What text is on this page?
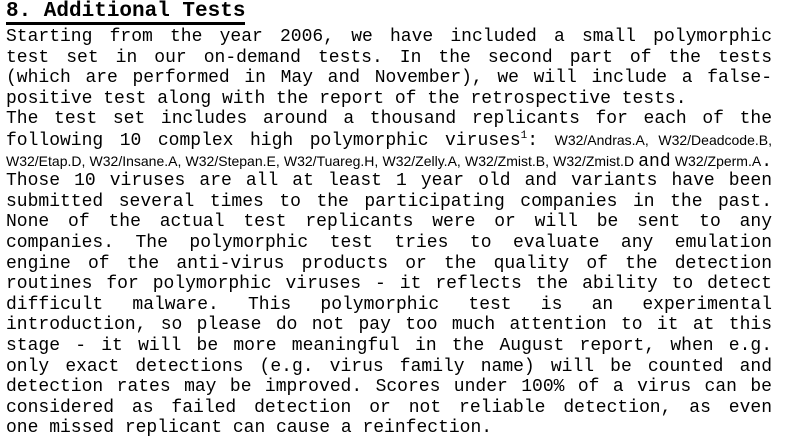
8. Additional Tests
Starting from the year 2006, we have included a small polymorphic
test set in our on-demand tests. In the second part of the tests
(which are performed in May and November), we will include a false-
positive test along with the report of the retrospective tests.
The test set includes around a thousand replicants for each of the
following 10 complex high polymorphic viruses$^1$: W32/Andras.A, W32/Deadcode.B,
W32/Etap.D, W32/Insane.A, W32/Stepan.E, W32/Tuareg.H, W32/Zelly.A, W32/Zmist.B, W32/Zmist.D and W32/Zperm.A.
Those 10 viruses are all at least 1 year old and variants have been
submitted several times to the participating companies in the past.
None of the actual test replicants were or will be sent to any
companies. The polymorphic test tries to evaluate any emulation
engine of the anti-virus products or the quality of the detection
routines for polymorphic viruses - it reflects the ability to detect
difficult malware. This polymorphic test is an experimental
introduction, so please do not pay too much attention to it at this
stage - it will be more meaningful in the August report, when e.g.
only exact detections (e.g. virus family name) will be counted and
detection rates may be improved. Scores under 100% of a virus can be
considered as failed detection or not reliable detection, as even
one missed replicant can cause a reinfection.
